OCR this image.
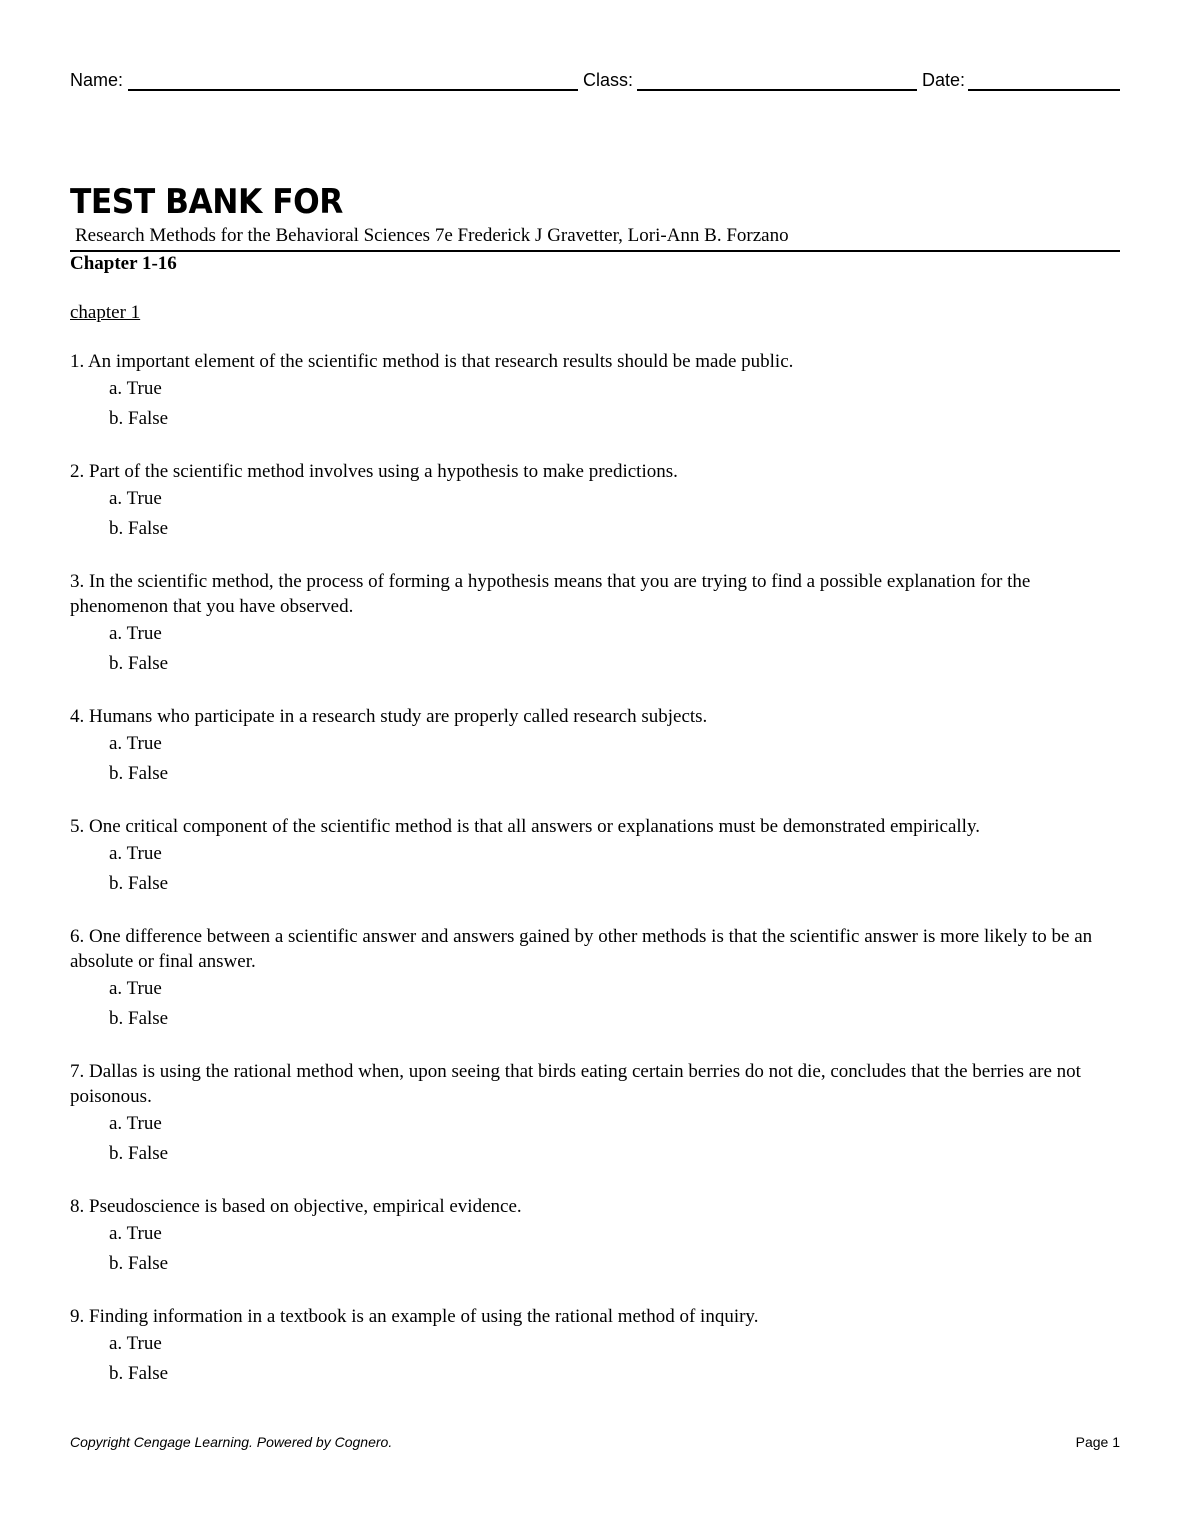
Name:	Class:	Date:
TEST BANK FOR
Research Methods for the Behavioral Sciences 7e Frederick J Gravetter, Lori-Ann B. Forzano
Chapter 1-16
chapter 1
1. An important element of the scientific method is that research results should be made public.
a. True
b. False
2. Part of the scientific method involves using a hypothesis to make predictions.
a. True
b. False
3. In the scientific method, the process of forming a hypothesis means that you are trying to find a possible explanation for the phenomenon that you have observed.
a. True
b. False
4. Humans who participate in a research study are properly called research subjects.
a. True
b. False
5. One critical component of the scientific method is that all answers or explanations must be demonstrated empirically.
a. True
b. False
6. One difference between a scientific answer and answers gained by other methods is that the scientific answer is more likely to be an absolute or final answer.
a. True
b. False
7. Dallas is using the rational method when, upon seeing that birds eating certain berries do not die, concludes that the berries are not poisonous.
a. True
b. False
8. Pseudoscience is based on objective, empirical evidence.
a. True
b. False
9. Finding information in a textbook is an example of using the rational method of inquiry.
a. True
b. False
Copyright Cengage Learning. Powered by Cognero.	Page 1
